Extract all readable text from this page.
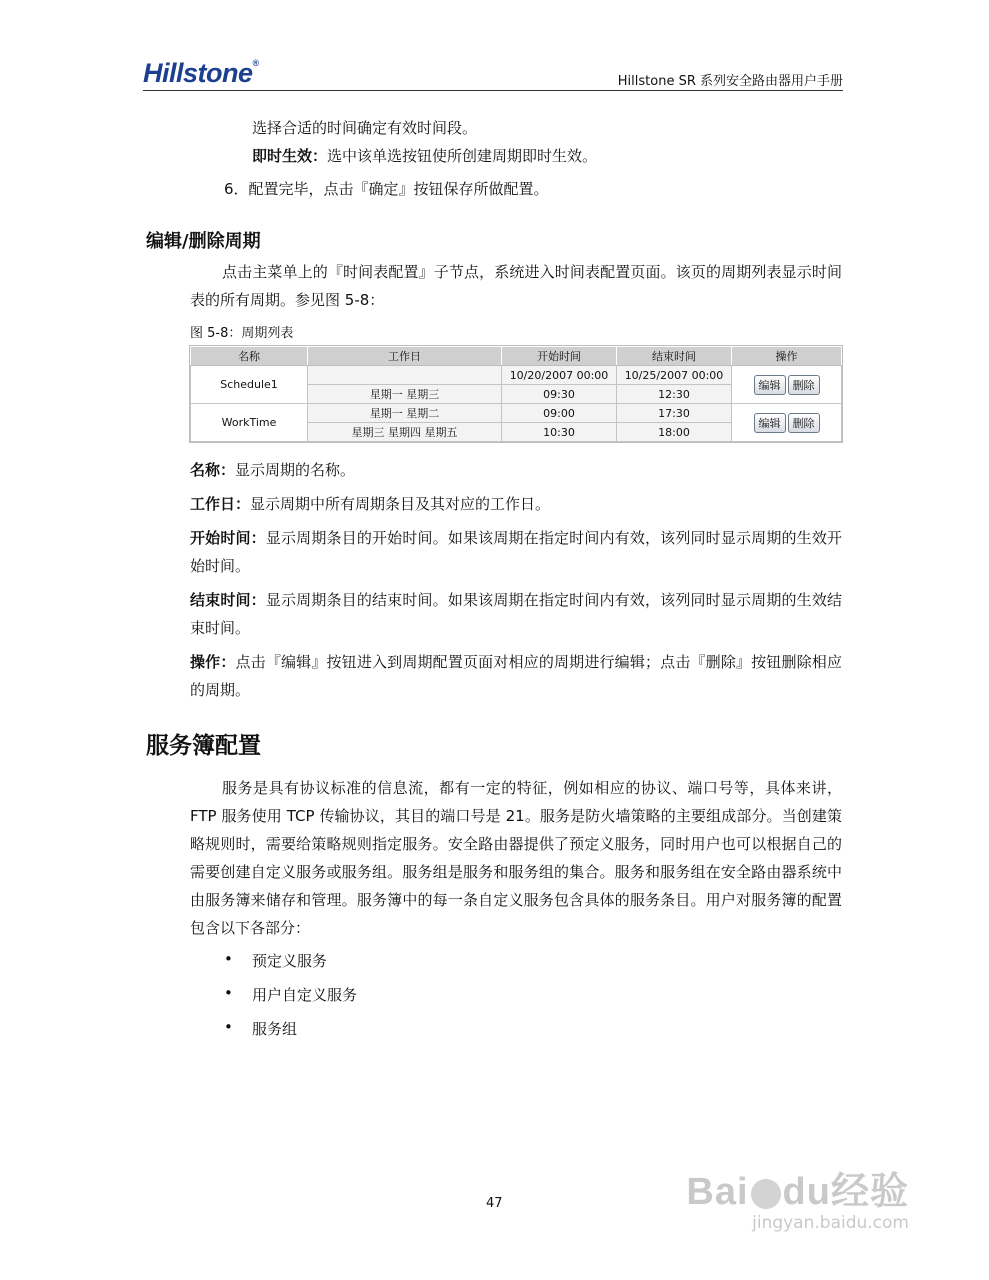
Hillstone®
Hillstone SR 系列安全路由器用户手册
选择合适的时间确定有效时间段。
即时生效：选中该单选按钮使所创建周期即时生效。
6．配置完毕，点击『确定』按钮保存所做配置。
编辑/删除周期
点击主菜单上的『时间表配置』子节点，系统进入时间表配置页面。该页的周期列表显示时间表的所有周期。参见图 5-8：
图 5-8：周期列表
名称	工作日	开始时间	结束时间	操作
Schedule1		10/20/2007 00:00	10/25/2007 00:00	编辑 删除
	星期一 星期三	09:30	12:30	
WorkTime	星期一 星期二	09:00	17:30	编辑 删除
	星期三 星期四 星期五	10:30	18:00	
名称：显示周期的名称。
工作日：显示周期中所有周期条目及其对应的工作日。
开始时间：显示周期条目的开始时间。如果该周期在指定时间内有效，该列同时显示周期的生效开始时间。
结束时间：显示周期条目的结束时间。如果该周期在指定时间内有效，该列同时显示周期的生效结束时间。
操作：点击『编辑』按钮进入到周期配置页面对相应的周期进行编辑；点击『删除』按钮删除相应的周期。
服务簿配置
服务是具有协议标准的信息流，都有一定的特征，例如相应的协议、端口号等，具体来讲，FTP 服务使用 TCP 传输协议，其目的端口号是 21。服务是防火墙策略的主要组成部分。当创建策略规则时，需要给策略规则指定服务。安全路由器提供了预定义服务，同时用户也可以根据自己的需要创建自定义服务或服务组。服务组是服务和服务组的集合。服务和服务组在安全路由器系统中由服务簿来储存和管理。服务簿中的每一条自定义服务包含具体的服务条目。用户对服务簿的配置包含以下各部分：
• 预定义服务
• 用户自定义服务
• 服务组
47	Bai du经验
jingyan.baidu.com
